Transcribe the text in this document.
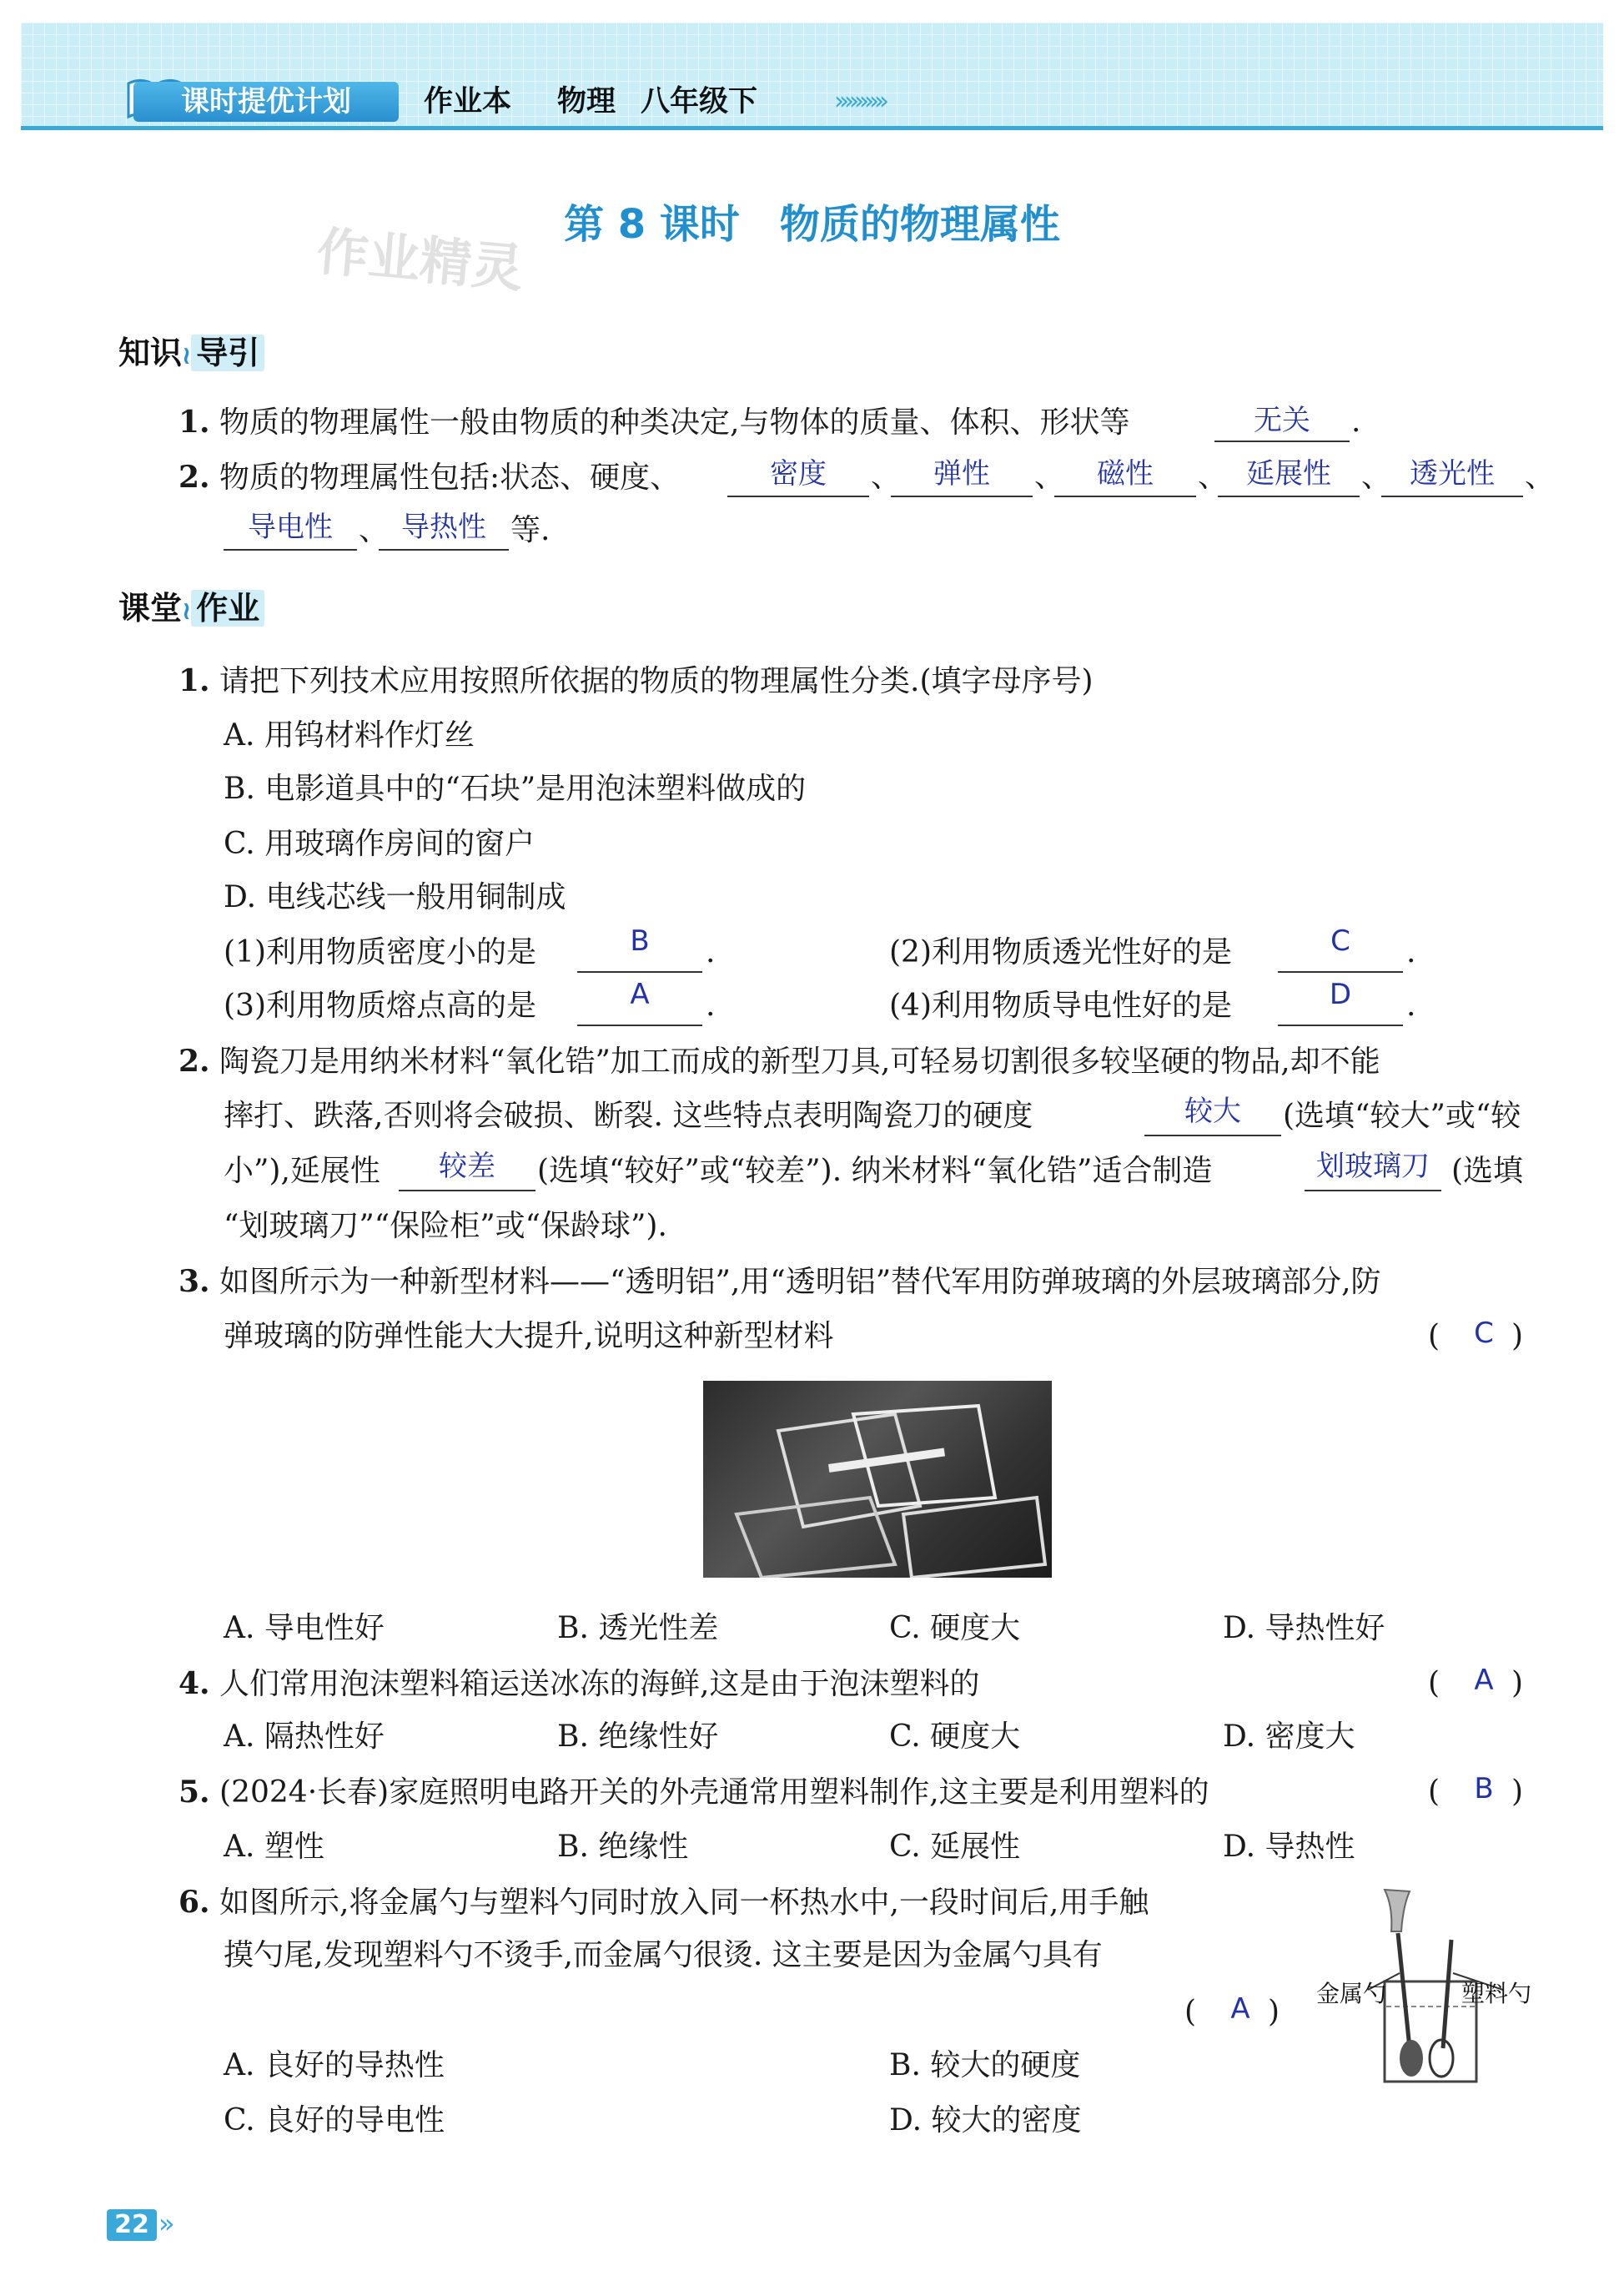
课时提优计划	作业本 物理 八年级下	››››››››››
第 8 课时　物质的物理属性
作业精灵
知识≀ 导引
1. 物质的物理属性一般由物质的种类决定,与物体的质量、体积、形状等	无关	.
2. 物质的物理属性包括:状态、硬度、	密度	、	弹性	、	磁性	、 延展性	、 透光性	、
导电性 、 导热性 等.
课堂≀ 作业
1. 请把下列技术应用按照所依据的物质的物理属性分类.(填字母序号)
A. 用钨材料作灯丝
B. 电影道具中的“石块”是用泡沫塑料做成的
C. 用玻璃作房间的窗户
D. 电线芯线一般用铜制成
(1)利用物质密度小的是	B	.	(2)利用物质透光性好的是	C	.
(3)利用物质熔点高的是	A	.	(4)利用物质导电性好的是	D	.
2. 陶瓷刀是用纳米材料“氧化锆”加工而成的新型刀具,可轻易切割很多较坚硬的物品,却不能
摔打、跌落,否则将会破损、断裂. 这些特点表明陶瓷刀的硬度	较大	(选填“较大”或“较
小”),延展性	较差	(选填“较好”或“较差”). 纳米材料“氧化锆”适合制造	划玻璃刀 (选填
“划玻璃刀”“保险柜”或“保龄球”).
3. 如图所示为一种新型材料——“透明铝”,用“透明铝”替代军用防弹玻璃的外层玻璃部分,防
弹玻璃的防弹性能大大提升,说明这种新型材料	(	C )
A. 导电性好	B. 透光性差	C. 硬度大	D. 导热性好
4. 人们常用泡沫塑料箱运送冰冻的海鲜,这是由于泡沫塑料的	(	A )
A. 隔热性好	B. 绝缘性好	C. 硬度大	D. 密度大
5. (2024·长春)家庭照明电路开关的外壳通常用塑料制作,这主要是利用塑料的	(	B )
A. 塑性	B. 绝缘性	C. 延展性	D. 导热性
6. 如图所示,将金属勺与塑料勺同时放入同一杯热水中,一段时间后,用手触
摸勺尾,发现塑料勺不烫手,而金属勺很烫. 这主要是因为金属勺具有
(	A )
金属勺	塑料勺
A. 良好的导热性	B. 较大的硬度
C. 良好的导电性	D. 较大的密度
22 »
